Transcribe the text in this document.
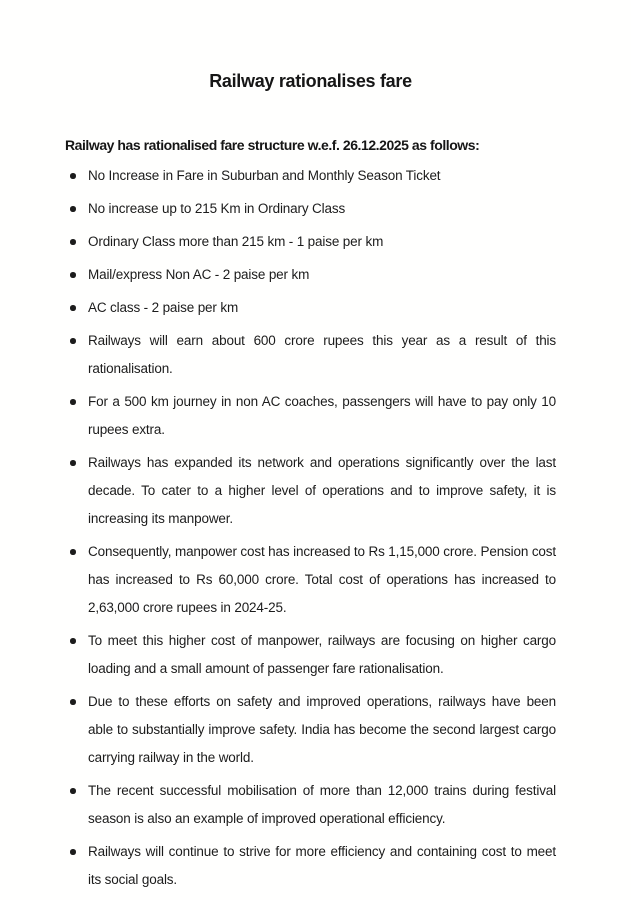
Railway rationalises fare

Railway has rationalised fare structure w.e.f. 26.12.2025 as follows:

No Increase in Fare in Suburban and Monthly Season Ticket
No increase up to 215 Km in Ordinary Class
Ordinary Class more than 215 km - 1 paise per km
Mail/express Non AC - 2 paise per km
AC class - 2 paise per km
Railways will earn about 600 crore rupees this year as a result of this rationalisation.
For a 500 km journey in non AC coaches, passengers will have to pay only 10 rupees extra.
Railways has expanded its network and operations significantly over the last decade. To cater to a higher level of operations and to improve safety, it is increasing its manpower.
Consequently, manpower cost has increased to Rs 1,15,000 crore. Pension cost has increased to Rs 60,000 crore. Total cost of operations has increased to 2,63,000 crore rupees in 2024-25.
To meet this higher cost of manpower, railways are focusing on higher cargo loading and a small amount of passenger fare rationalisation.
Due to these efforts on safety and improved operations, railways have been able to substantially improve safety. India has become the second largest cargo carrying railway in the world.
The recent successful mobilisation of more than 12,000 trains during festival season is also an example of improved operational efficiency.
Railways will continue to strive for more efficiency and containing cost to meet its social goals.
